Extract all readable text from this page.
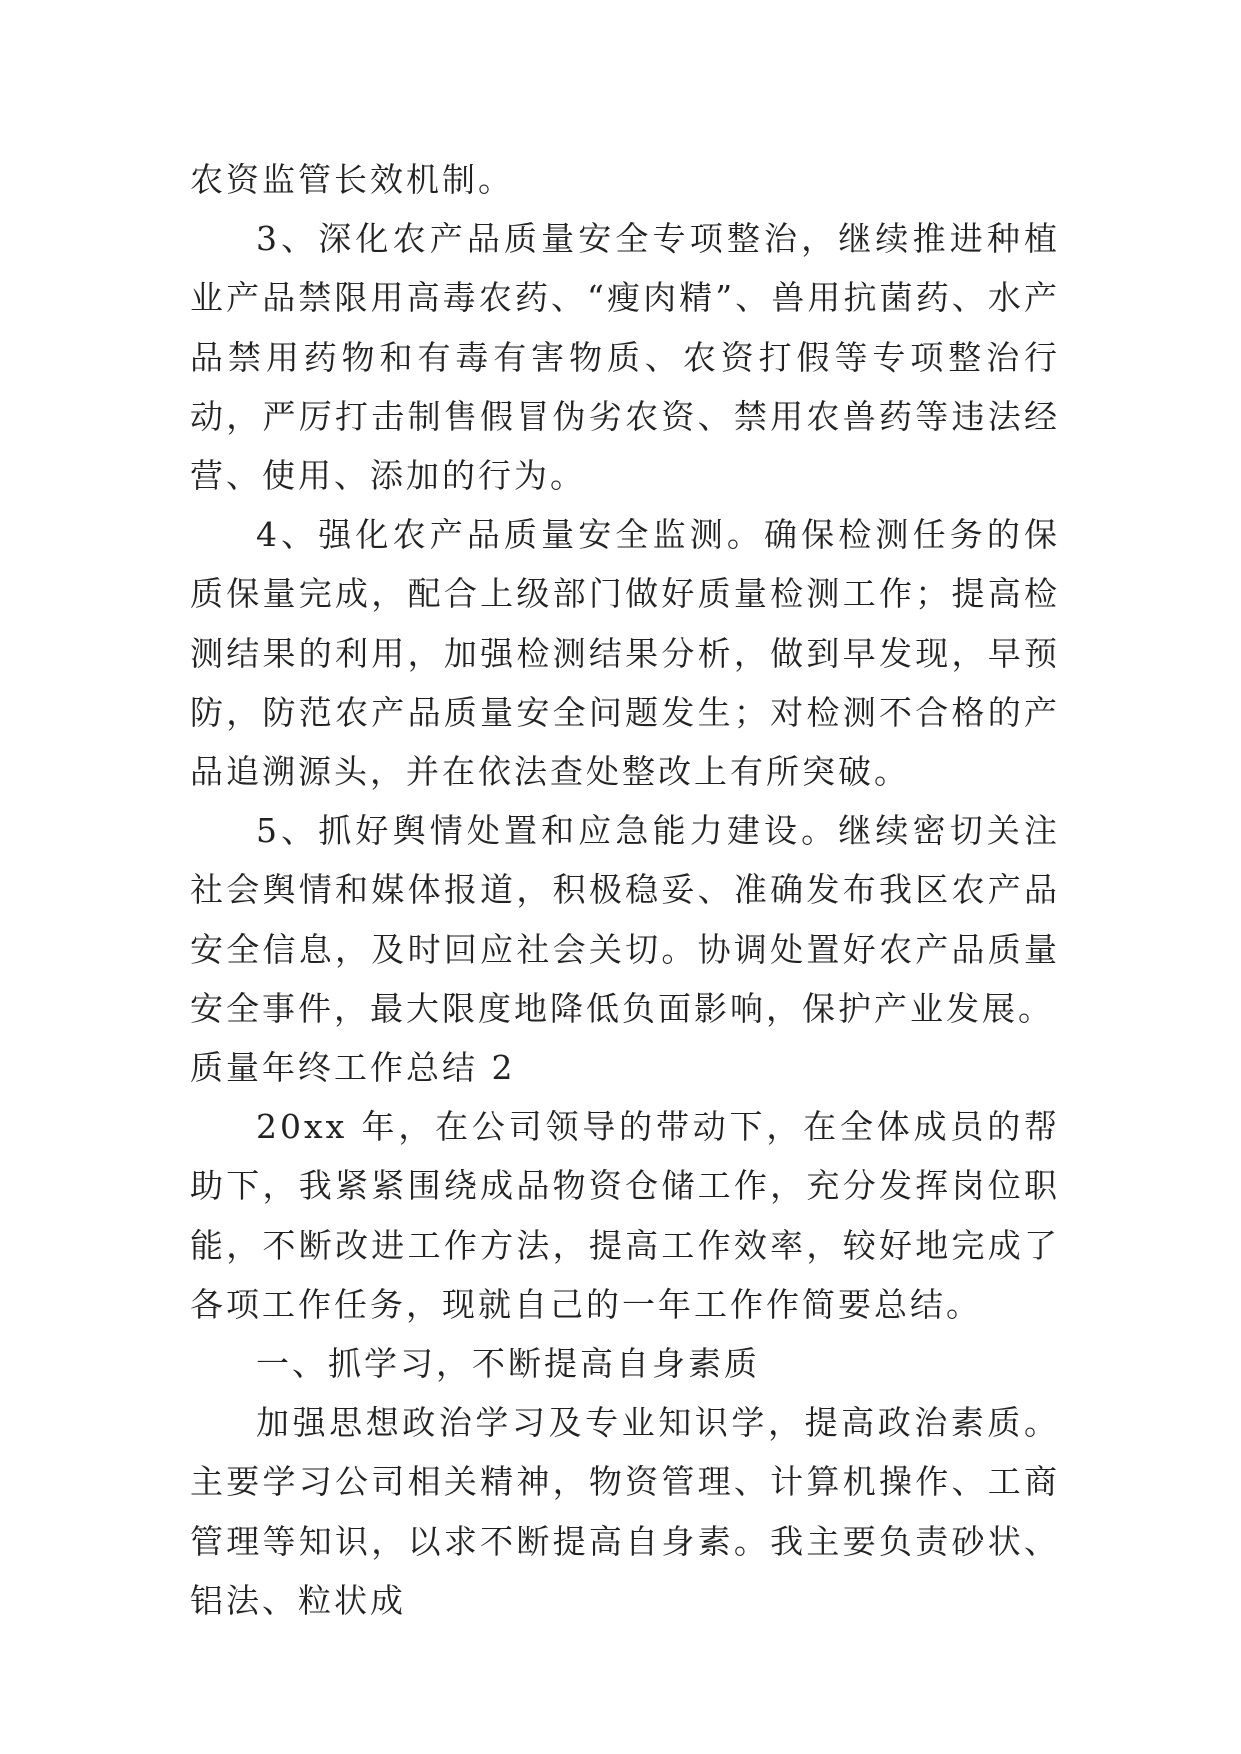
农资监管长效机制。

3、深化农产品质量安全专项整治，继续推进种植业产品禁限用高毒农药、“瘦肉精”、兽用抗菌药、水产品禁用药物和有毒有害物质、农资打假等专项整治行动，严厉打击制售假冒伪劣农资、禁用农兽药等违法经营、使用、添加的行为。

4、强化农产品质量安全监测。确保检测任务的保质保量完成，配合上级部门做好质量检测工作；提高检测结果的利用，加强检测结果分析，做到早发现，早预防，防范农产品质量安全问题发生；对检测不合格的产品追溯源头，并在依法查处整改上有所突破。

5、抓好舆情处置和应急能力建设。继续密切关注社会舆情和媒体报道，积极稳妥、准确发布我区农产品安全信息，及时回应社会关切。协调处置好农产品质量安全事件，最大限度地降低负面影响，保护产业发展。

质量年终工作总结 2

20xx 年，在公司领导的带动下，在全体成员的帮助下，我紧紧围绕成品物资仓储工作，充分发挥岗位职能，不断改进工作方法，提高工作效率，较好地完成了各项工作任务，现就自己的一年工作作简要总结。

一、抓学习，不断提高自身素质

加强思想政治学习及专业知识学，提高政治素质。主要学习公司相关精神，物资管理、计算机操作、工商管理等知识，以求不断提高自身素。我主要负责砂状、铝法、粒状成
